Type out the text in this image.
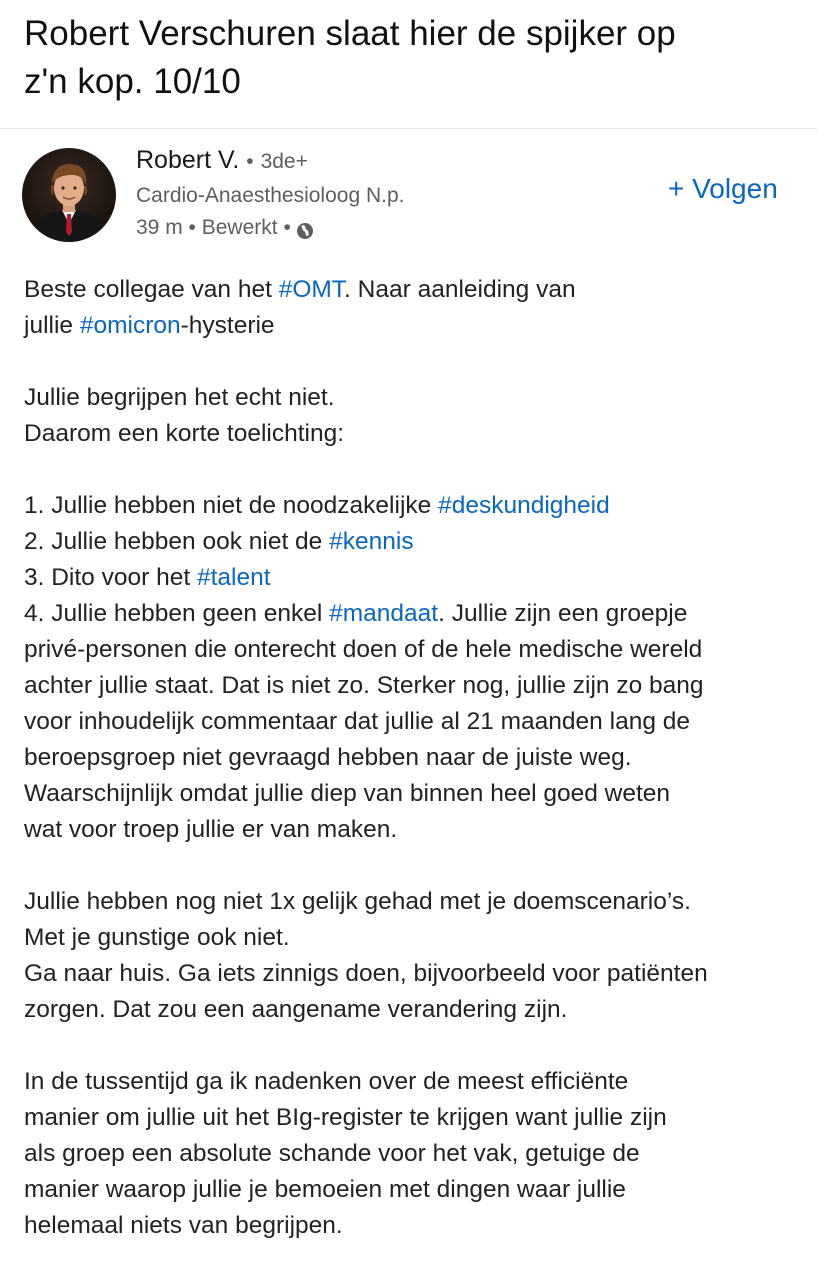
Robert Verschuren slaat hier de spijker op
z'n kop. 10/10
Robert V. • 3de+
Cardio-Anaesthesioloog N.p.
39 m
•
Bewerkt
•
+ Volgen
Beste collegae van het #OMT. Naar aanleiding van
jullie #omicron-hysterie
Jullie begrijpen het echt niet.
Daarom een korte toelichting:
1. Jullie hebben niet de noodzakelijke #deskundigheid
2. Jullie hebben ook niet de #kennis
3. Dito voor het #talent
4. Jullie hebben geen enkel #mandaat. Jullie zijn een groepje
privé-personen die onterecht doen of de hele medische wereld
achter jullie staat. Dat is niet zo. Sterker nog, jullie zijn zo bang
voor inhoudelijk commentaar dat jullie al 21 maanden lang de
beroepsgroep niet gevraagd hebben naar de juiste weg.
Waarschijnlijk omdat jullie diep van binnen heel goed weten
wat voor troep jullie er van maken.
Jullie hebben nog niet 1x gelijk gehad met je doemscenario’s.
Met je gunstige ook niet.
Ga naar huis. Ga iets zinnigs doen, bijvoorbeeld voor patiënten
zorgen. Dat zou een aangename verandering zijn.
In de tussentijd ga ik nadenken over de meest efficiënte
manier om jullie uit het BIg-register te krijgen want jullie zijn
als groep een absolute schande voor het vak, getuige de
manier waarop jullie je bemoeien met dingen waar jullie
helemaal niets van begrijpen.
